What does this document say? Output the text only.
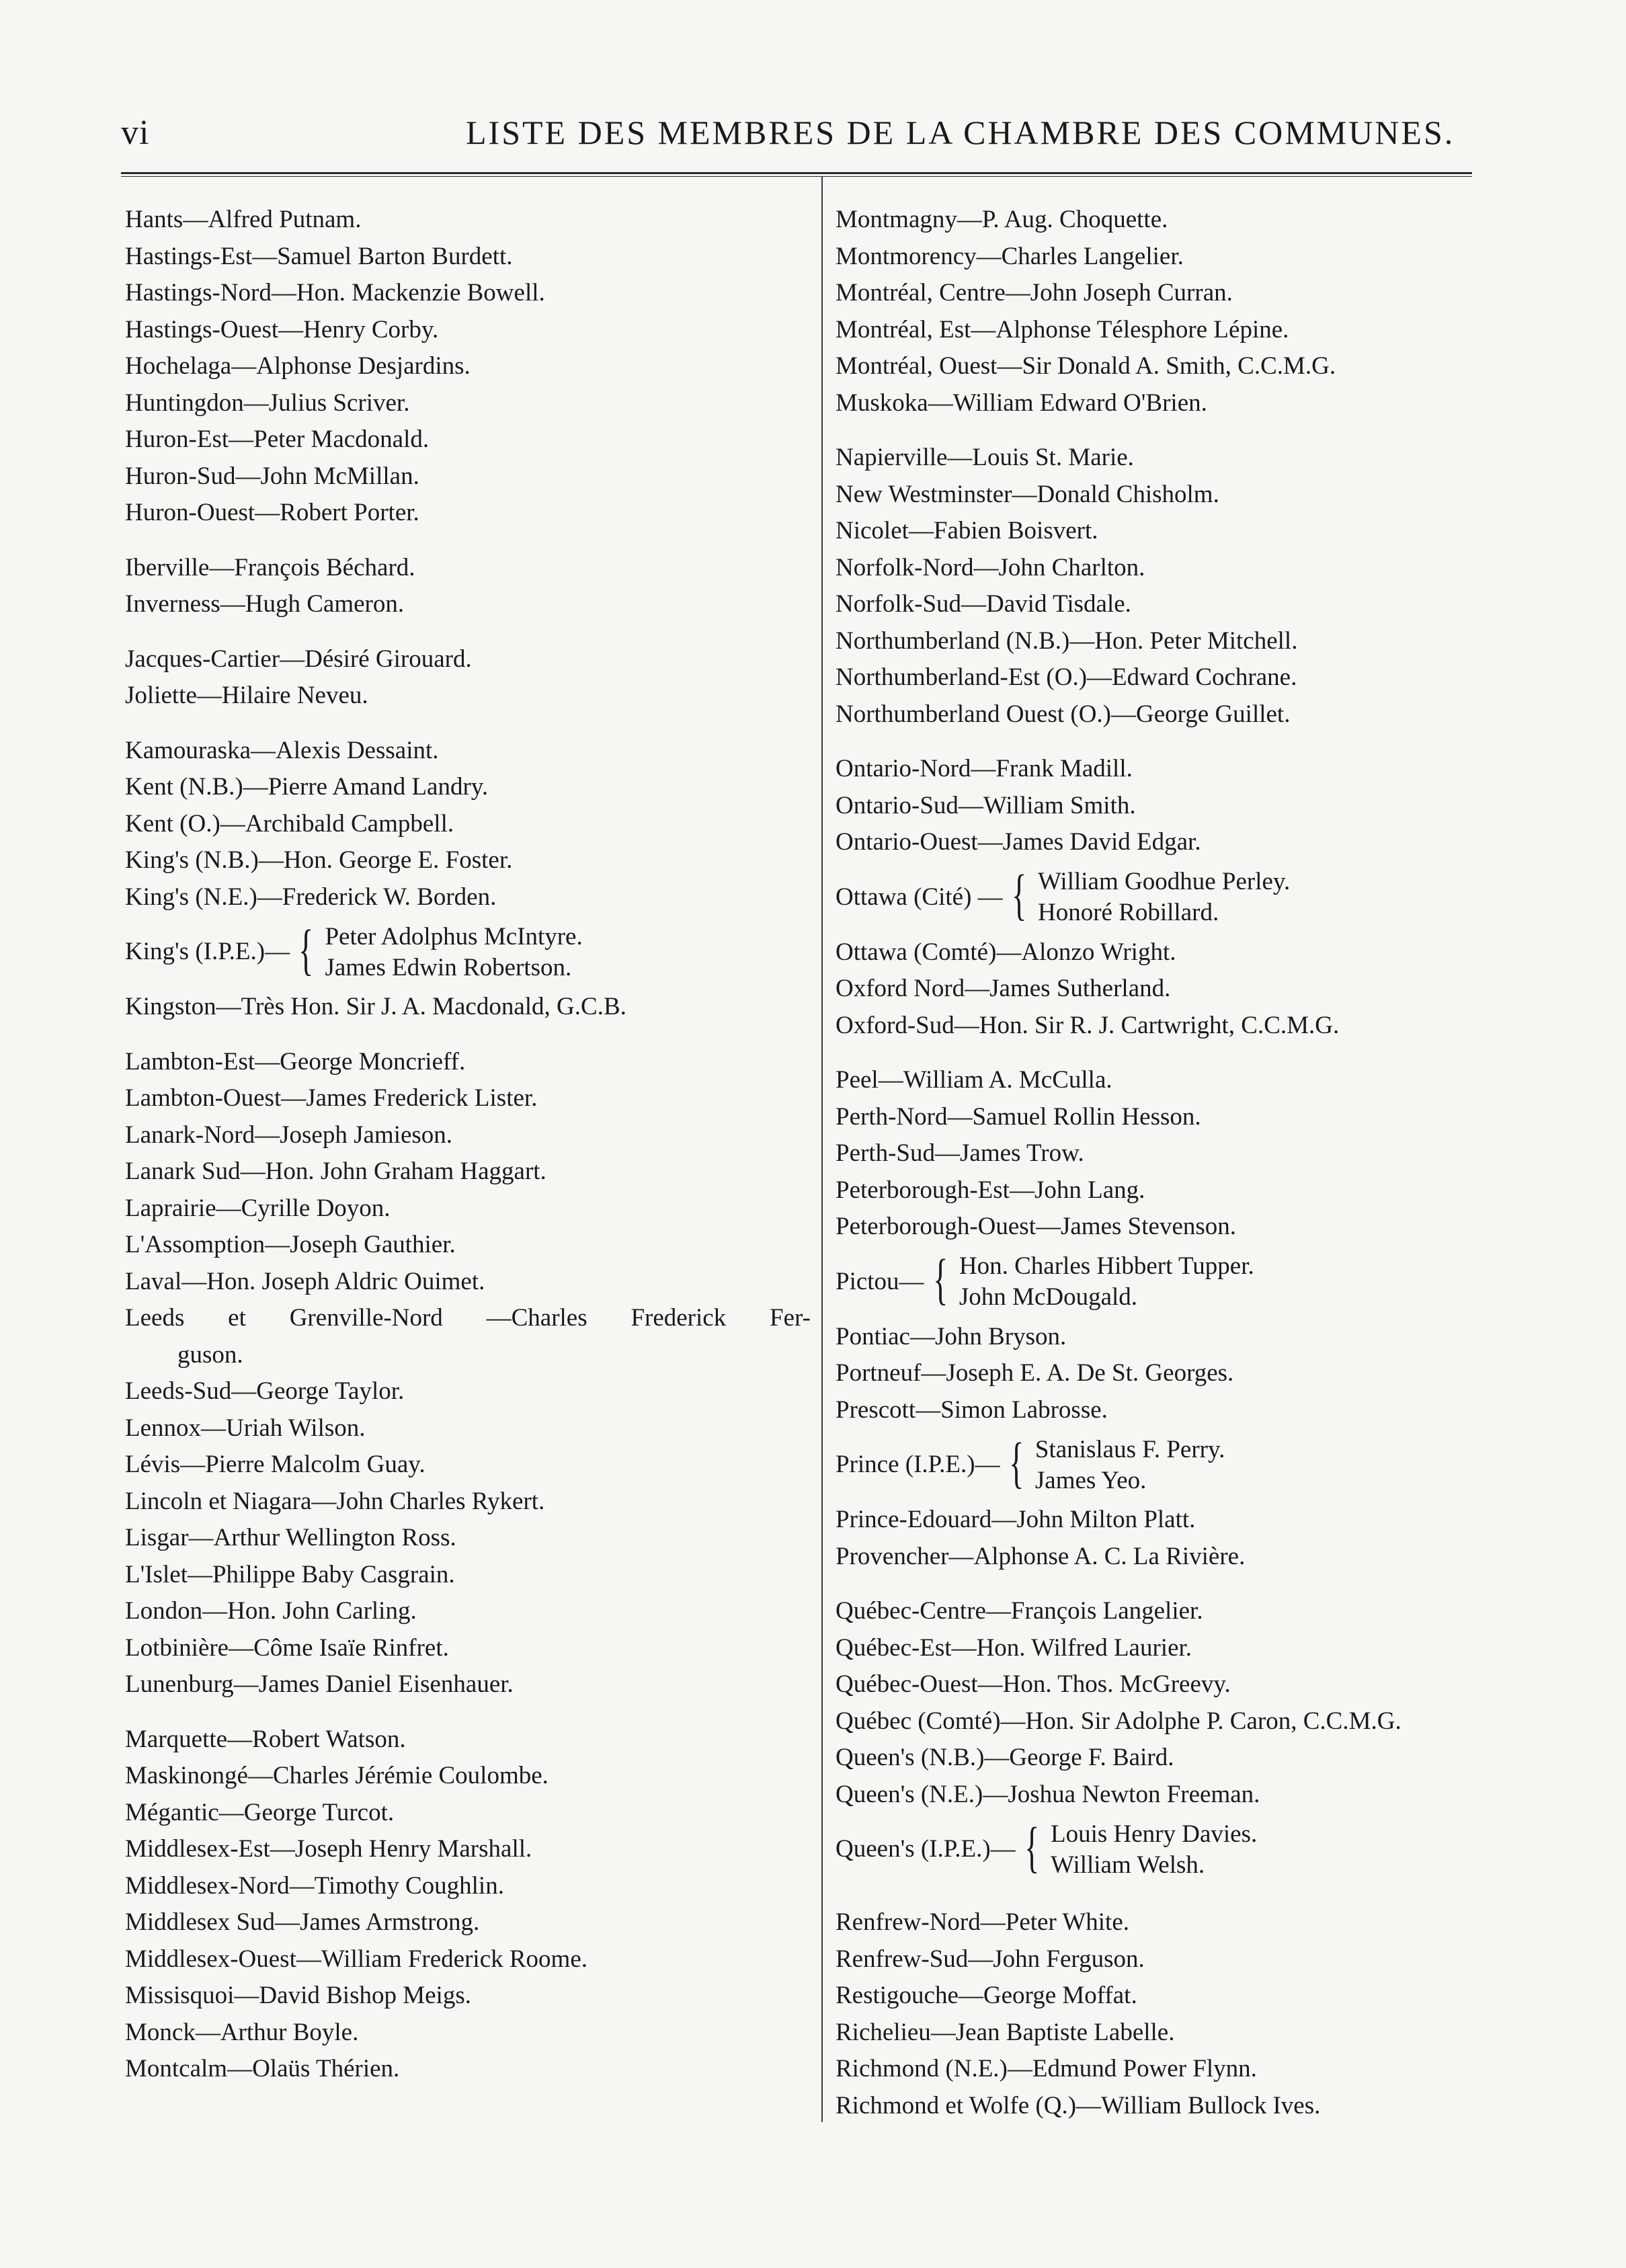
vi	LISTE DES MEMBRES DE LA CHAMBRE DES COMMUNES.
Hants—Alfred Putnam.
Hastings-Est—Samuel Barton Burdett.
Hastings-Nord—Hon. Mackenzie Bowell.
Hastings-Ouest—Henry Corby.
Hochelaga—Alphonse Desjardins.
Huntingdon—Julius Scriver.
Huron-Est—Peter Macdonald.
Huron-Sud—John McMillan.
Huron-Ouest—Robert Porter.
Iberville—François Béchard.
Inverness—Hugh Cameron.
Jacques-Cartier—Désiré Girouard.
Joliette—Hilaire Neveu.
Kamouraska—Alexis Dessaint.
Kent (N.B.)—Pierre Amand Landry.
Kent (O.)—Archibald Campbell.
King's (N.B.)—Hon. George E. Foster.
King's (N.E.)—Frederick W. Borden.
King's (I.P.E.)— { Peter Adolphus McIntyre.
James Edwin Robertson.
Kingston—Très Hon. Sir J. A. Macdonald, G.C.B.
Lambton-Est—George Moncrieff.
Lambton-Ouest—James Frederick Lister.
Lanark-Nord—Joseph Jamieson.
Lanark Sud—Hon. John Graham Haggart.
Laprairie—Cyrille Doyon.
L'Assomption—Joseph Gauthier.
Laval—Hon. Joseph Aldric Ouimet.
Leeds et Grenville-Nord —Charles Frederick Fer-
guson.
Leeds-Sud—George Taylor.
Lennox—Uriah Wilson.
Lévis—Pierre Malcolm Guay.
Lincoln et Niagara—John Charles Rykert.
Lisgar—Arthur Wellington Ross.
L'Islet—Philippe Baby Casgrain.
London—Hon. John Carling.
Lotbinière—Côme Isaïe Rinfret.
Lunenburg—James Daniel Eisenhauer.
Marquette—Robert Watson.
Maskinongé—Charles Jérémie Coulombe.
Mégantic—George Turcot.
Middlesex-Est—Joseph Henry Marshall.
Middlesex-Nord—Timothy Coughlin.
Middlesex Sud—James Armstrong.
Middlesex-Ouest—William Frederick Roome.
Missisquoi—David Bishop Meigs.
Monck—Arthur Boyle.
Montcalm—Olaüs Thérien.
Montmagny—P. Aug. Choquette.
Montmorency—Charles Langelier.
Montréal, Centre—John Joseph Curran.
Montréal, Est—Alphonse Télesphore Lépine.
Montréal, Ouest—Sir Donald A. Smith, C.C.M.G.
Muskoka—William Edward O'Brien.
Napierville—Louis St. Marie.
New Westminster—Donald Chisholm.
Nicolet—Fabien Boisvert.
Norfolk-Nord—John Charlton.
Norfolk-Sud—David Tisdale.
Northumberland (N.B.)—Hon. Peter Mitchell.
Northumberland-Est (O.)—Edward Cochrane.
Northumberland Ouest (O.)—George Guillet.
Ontario-Nord—Frank Madill.
Ontario-Sud—William Smith.
Ontario-Ouest—James David Edgar.
Ottawa (Cité) — { William Goodhue Perley.
Honoré Robillard.
Ottawa (Comté)—Alonzo Wright.
Oxford Nord—James Sutherland.
Oxford-Sud—Hon. Sir R. J. Cartwright, C.C.M.G.
Peel—William A. McCulla.
Perth-Nord—Samuel Rollin Hesson.
Perth-Sud—James Trow.
Peterborough-Est—John Lang.
Peterborough-Ouest—James Stevenson.
Pictou— { Hon. Charles Hibbert Tupper.
John McDougald.
Pontiac—John Bryson.
Portneuf—Joseph E. A. De St. Georges.
Prescott—Simon Labrosse.
Prince (I.P.E.)— { Stanislaus F. Perry.
James Yeo.
Prince-Edouard—John Milton Platt.
Provencher—Alphonse A. C. La Rivière.
Québec-Centre—François Langelier.
Québec-Est—Hon. Wilfred Laurier.
Québec-Ouest—Hon. Thos. McGreevy.
Québec (Comté)—Hon. Sir Adolphe P. Caron, C.C.M.G.
Queen's (N.B.)—George F. Baird.
Queen's (N.E.)—Joshua Newton Freeman.
Queen's (I.P.E.)— { Louis Henry Davies.
William Welsh.
Renfrew-Nord—Peter White.
Renfrew-Sud—John Ferguson.
Restigouche—George Moffat.
Richelieu—Jean Baptiste Labelle.
Richmond (N.E.)—Edmund Power Flynn.
Richmond et Wolfe (Q.)—William Bullock Ives.
